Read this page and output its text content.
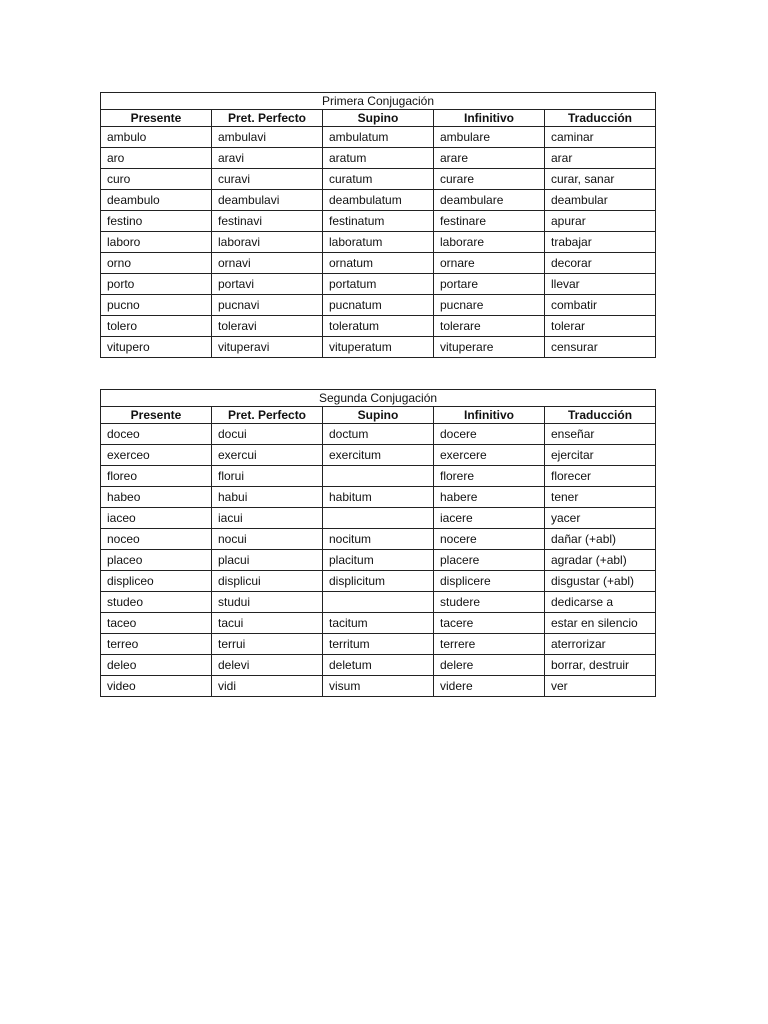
Primera Conjugación				
Presente	Pret. Perfecto	Supino	Infinitivo	Traducción
ambulo	ambulavi	ambulatum	ambulare	caminar
aro	aravi	aratum	arare	arar
curo	curavi	curatum	curare	curar, sanar
deambulo	deambulavi	deambulatum	deambulare	deambular
festino	festinavi	festinatum	festinare	apurar
laboro	laboravi	laboratum	laborare	trabajar
orno	ornavi	ornatum	ornare	decorar
porto	portavi	portatum	portare	llevar
pucno	pucnavi	pucnatum	pucnare	combatir
tolero	toleravi	toleratum	tolerare	tolerar
vitupero	vituperavi	vituperatum	vituperare	censurar
Segunda Conjugación				
Presente	Pret. Perfecto	Supino	Infinitivo	Traducción
doceo	docui	doctum	docere	enseñar
exerceo	exercui	exercitum	exercere	ejercitar
floreo	florui		florere	florecer
habeo	habui	habitum	habere	tener
iaceo	iacui		iacere	yacer
noceo	nocui	nocitum	nocere	dañar (+abl)
placeo	placui	placitum	placere	agradar (+abl)
displiceo	displicui	displicitum	displicere	disgustar (+abl)
studeo	studui		studere	dedicarse a
taceo	tacui	tacitum	tacere	estar en silencio
terreo	terrui	territum	terrere	aterrorizar
deleo	delevi	deletum	delere	borrar, destruir
video	vidi	visum	videre	ver
